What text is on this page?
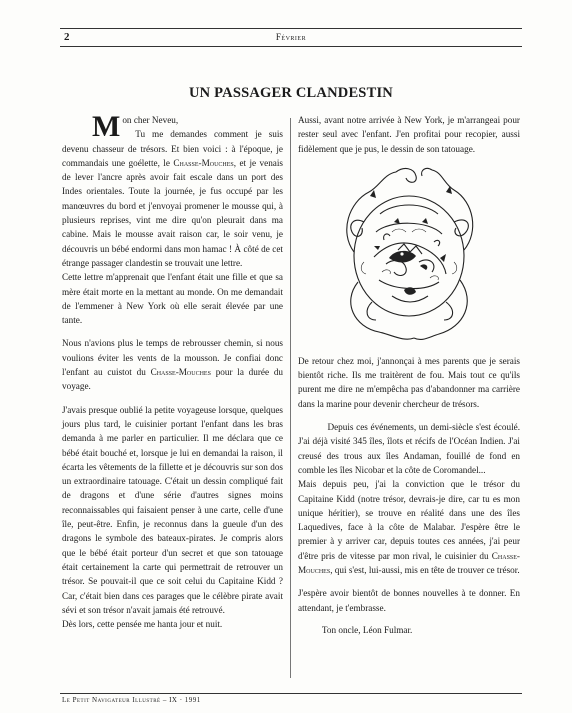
2	Février
UN PASSAGER CLANDESTIN

Mon cher Neveu,

Tu me demandes comment je suis devenu chasseur de trésors. Et bien voici : à l'époque, je commandais une goélette, le Chasse-Mouches, et je venais de lever l'ancre après avoir fait escale dans un port des Indes orientales. Toute la journée, je fus occupé par les manœuvres du bord et j'envoyai promener le mousse qui, à plusieurs reprises, vint me dire qu'on pleurait dans ma cabine. Mais le mousse avait raison car, le soir venu, je découvris un bébé endormi dans mon hamac ! À côté de cet étrange passager clandestin se trouvait une lettre.

Cette lettre m'apprenait que l'enfant était une fille et que sa mère était morte en la mettant au monde. On me demandait de l'emmener à New York où elle serait élevée par une tante.

Nous n'avions plus le temps de rebrousser chemin, si nous voulions éviter les vents de la mousson. Je confiai donc l'enfant au cuistot du Chasse-Mouches pour la durée du voyage.

J'avais presque oublié la petite voyageuse lorsque, quelques jours plus tard, le cuisinier portant l'enfant dans les bras demanda à me parler en particulier. Il me déclara que ce bébé était bouché et, lorsque je lui en demandai la raison, il écarta les vêtements de la fillette et je découvris sur son dos un extraordinaire tatouage. C'était un dessin compliqué fait de dragons et d'une série d'autres signes moins reconnaissables qui faisaient penser à une carte, celle d'une île, peut-être. Enfin, je reconnus dans la gueule d'un des dragons le symbole des bateaux-pirates. Je compris alors que le bébé était porteur d'un secret et que son tatouage était certainement la carte qui permettrait de retrouver un trésor. Se pouvait-il que ce soit celui du Capitaine Kidd ? Car, c'était bien dans ces parages que le célèbre pirate avait sévi et son trésor n'avait jamais été retrouvé.

Dès lors, cette pensée me hanta jour et nuit.

Aussi, avant notre arrivée à New York, je m'arrangeai pour rester seul avec l'enfant. J'en profitai pour recopier, aussi fidèlement que je pus, le dessin de son tatouage.

De retour chez moi, j'annonçai à mes parents que je serais bientôt riche. Ils me traitèrent de fou. Mais tout ce qu'ils purent me dire ne m'empêcha pas d'abandonner ma carrière dans la marine pour devenir chercheur de trésors.

Depuis ces événements, un demi-siècle s'est écoulé. J'ai déjà visité 345 îles, îlots et récifs de l'Océan Indien. J'ai creusé des trous aux îles Andaman, fouillé de fond en comble les îles Nicobar et la côte de Coromandel...

Mais depuis peu, j'ai la conviction que le trésor du Capitaine Kidd (notre trésor, devrais-je dire, car tu es mon unique héritier), se trouve en réalité dans une des îles Laquedives, face à la côte de Malabar. J'espère être le premier à y arriver car, depuis toutes ces années, j'ai peur d'être pris de vitesse par mon rival, le cuisinier du Chasse-Mouches, qui s'est, lui-aussi, mis en tête de trouver ce trésor.

J'espère avoir bientôt de bonnes nouvelles à te donner. En attendant, je t'embrasse.

Ton oncle, Léon Fulmar.

Le Petit Navigateur Illustré – IX · 1991
